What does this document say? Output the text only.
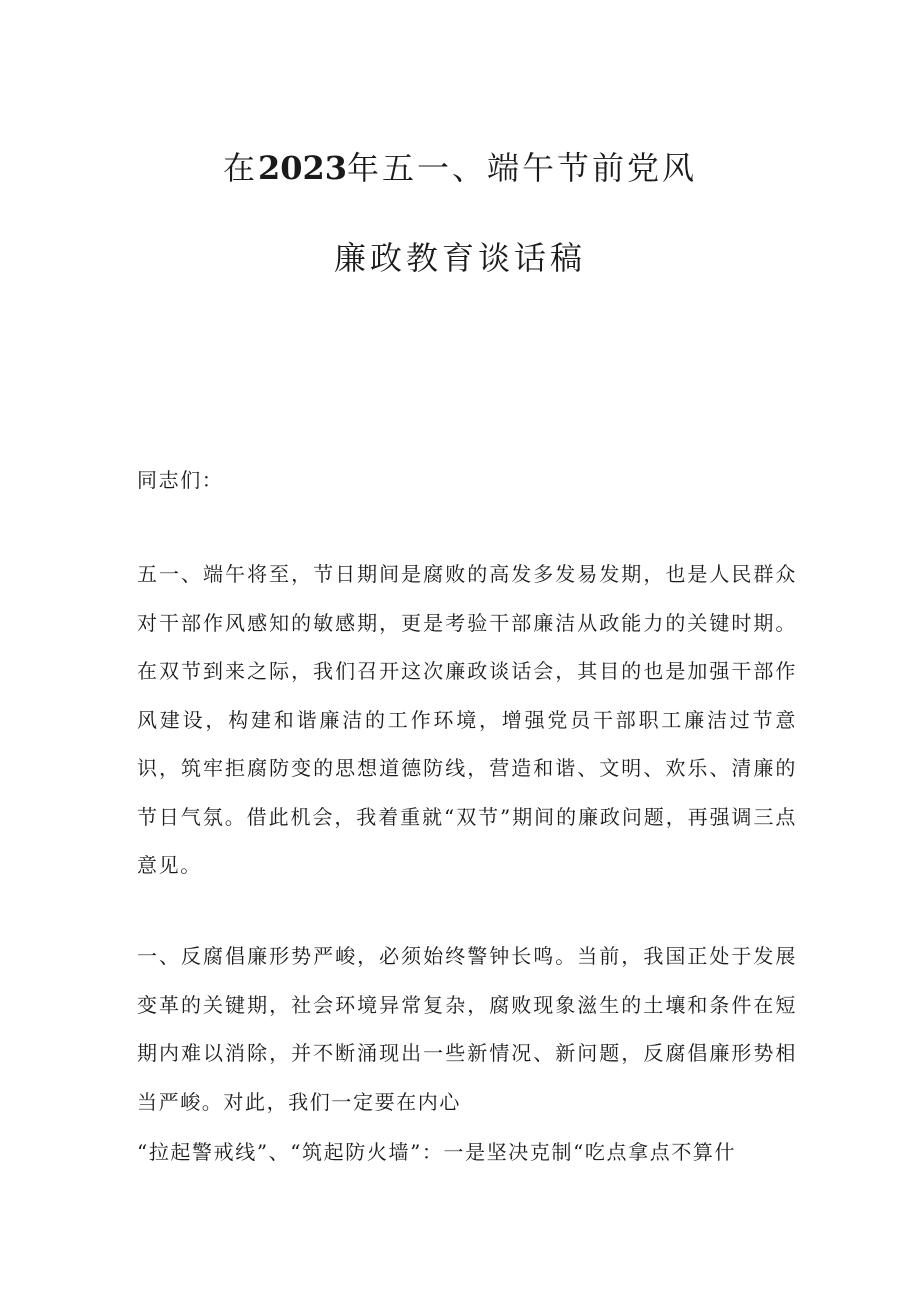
在2023年五一、端午节前党风
廉政教育谈话稿

同志们：

五一、端午将至，节日期间是腐败的高发多发易发期，也是人民群众对干部作风感知的敏感期，更是考验干部廉洁从政能力的关键时期。在双节到来之际，我们召开这次廉政谈话会，其目的也是加强干部作风建设，构建和谐廉洁的工作环境，增强党员干部职工廉洁过节意识，筑牢拒腐防变的思想道德防线，营造和谐、文明、欢乐、清廉的节日气氛。借此机会，我着重就“双节”期间的廉政问题，再强调三点意见。

一、反腐倡廉形势严峻，必须始终警钟长鸣。当前，我国正处于发展变革的关键期，社会环境异常复杂，腐败现象滋生的土壤和条件在短期内难以消除，并不断涌现出一些新情况、新问题，反腐倡廉形势相当严峻。对此，我们一定要在内心

“拉起警戒线”、“筑起防火墙”：一是坚决克制“吃点拿点不算什
